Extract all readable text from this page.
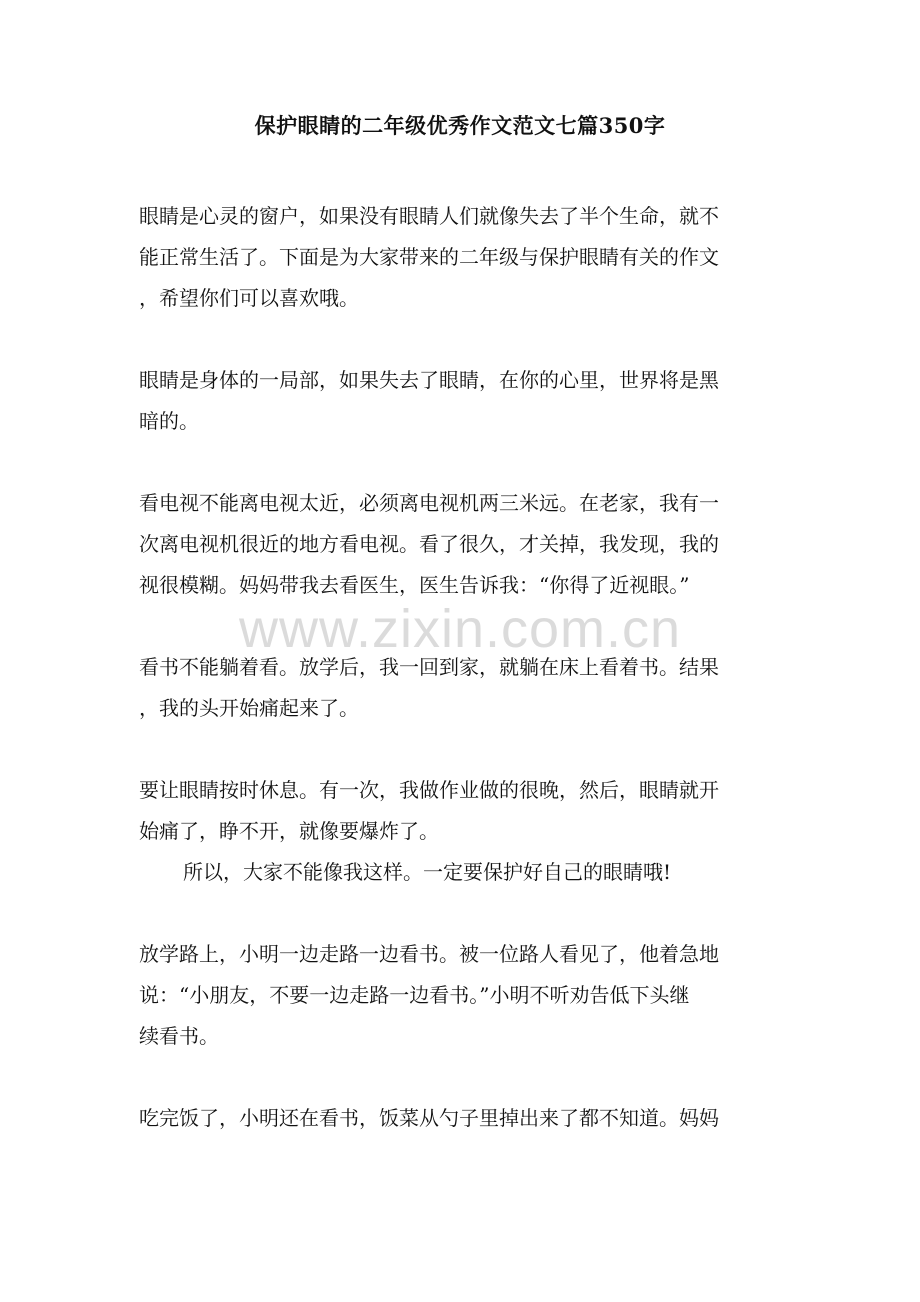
www.zixin.com.cn
保护眼睛的二年级优秀作文范文七篇350字
眼睛是心灵的窗户，如果没有眼睛人们就像失去了半个生命，就不
能正常生活了。下面是为大家带来的二年级与保护眼睛有关的作文
，希望你们可以喜欢哦。
眼睛是身体的一局部，如果失去了眼睛，在你的心里，世界将是黑
暗的。
看电视不能离电视太近，必须离电视机两三米远。在老家，我有一
次离电视机很近的地方看电视。看了很久，才关掉，我发现，我的
视很模糊。妈妈带我去看医生，医生告诉我：“你得了近视眼。”
看书不能躺着看。放学后，我一回到家，就躺在床上看着书。结果
，我的头开始痛起来了。
要让眼睛按时休息。有一次，我做作业做的很晚，然后，眼睛就开
始痛了，睁不开，就像要爆炸了。
所以，大家不能像我这样。一定要保护好自己的眼睛哦!
放学路上，小明一边走路一边看书。被一位路人看见了，他着急地
说：“小朋友，不要一边走路一边看书。”小明不听劝告低下头继
续看书。
吃完饭了，小明还在看书，饭菜从勺子里掉出来了都不知道。妈妈
